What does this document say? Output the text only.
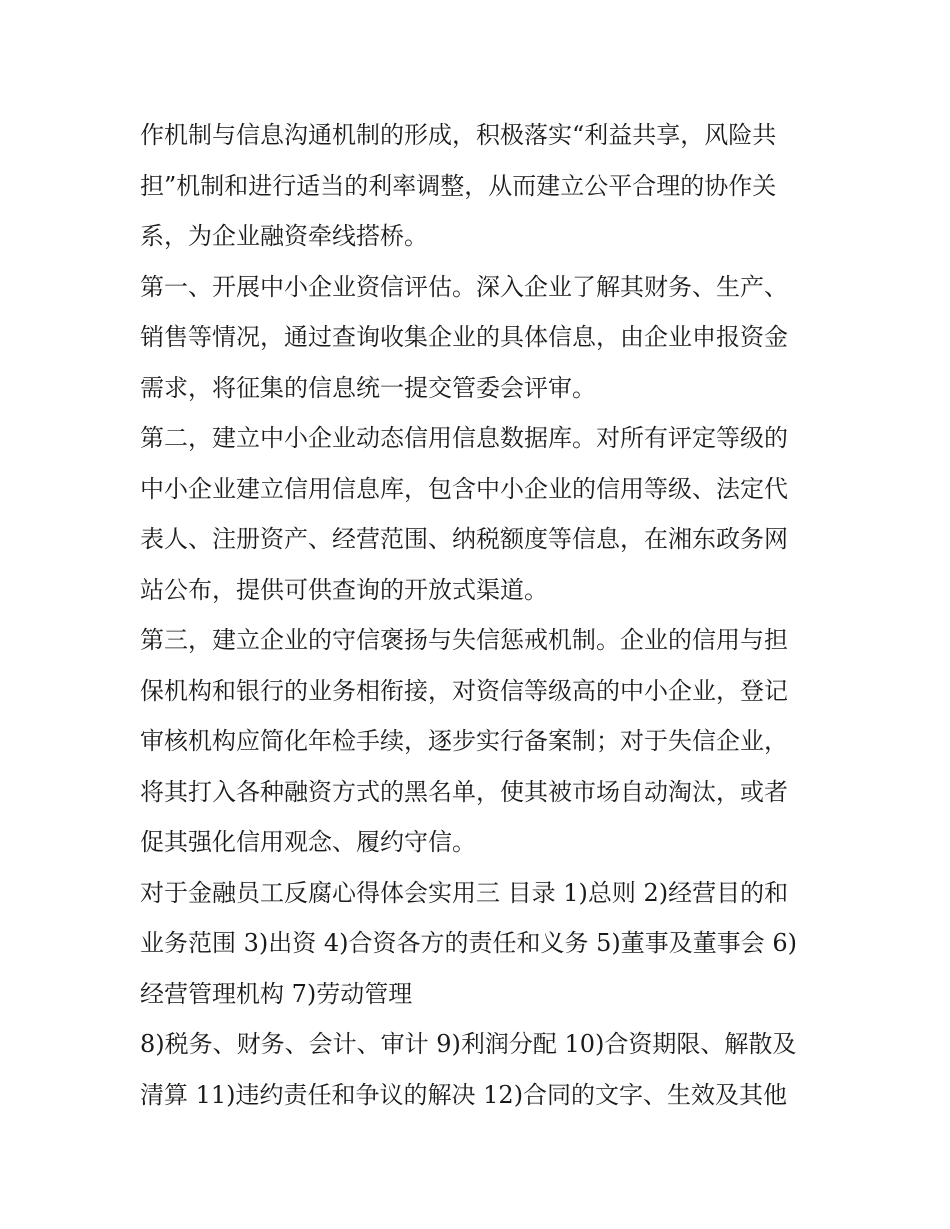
作机制与信息沟通机制的形成，积极落实“利益共享，风险共
担”机制和进行适当的利率调整，从而建立公平合理的协作关
系，为企业融资牵线搭桥。
第一、开展中小企业资信评估。深入企业了解其财务、生产、
销售等情况，通过查询收集企业的具体信息，由企业申报资金
需求，将征集的信息统一提交管委会评审。
第二，建立中小企业动态信用信息数据库。对所有评定等级的
中小企业建立信用信息库，包含中小企业的信用等级、法定代
表人、注册资产、经营范围、纳税额度等信息，在湘东政务网
站公布，提供可供查询的开放式渠道。
第三，建立企业的守信褒扬与失信惩戒机制。企业的信用与担
保机构和银行的业务相衔接，对资信等级高的中小企业，登记
审核机构应简化年检手续，逐步实行备案制；对于失信企业，
将其打入各种融资方式的黑名单，使其被市场自动淘汰，或者
促其强化信用观念、履约守信。
对于金融员工反腐心得体会实用三 目录 1)总则 2)经营目的和
业务范围 3)出资 4)合资各方的责任和义务 5)董事及董事会 6)
经营管理机构 7)劳动管理
8)税务、财务、会计、审计 9)利润分配 10)合资期限、解散及
清算 11)违约责任和争议的解决 12)合同的文字、生效及其他
